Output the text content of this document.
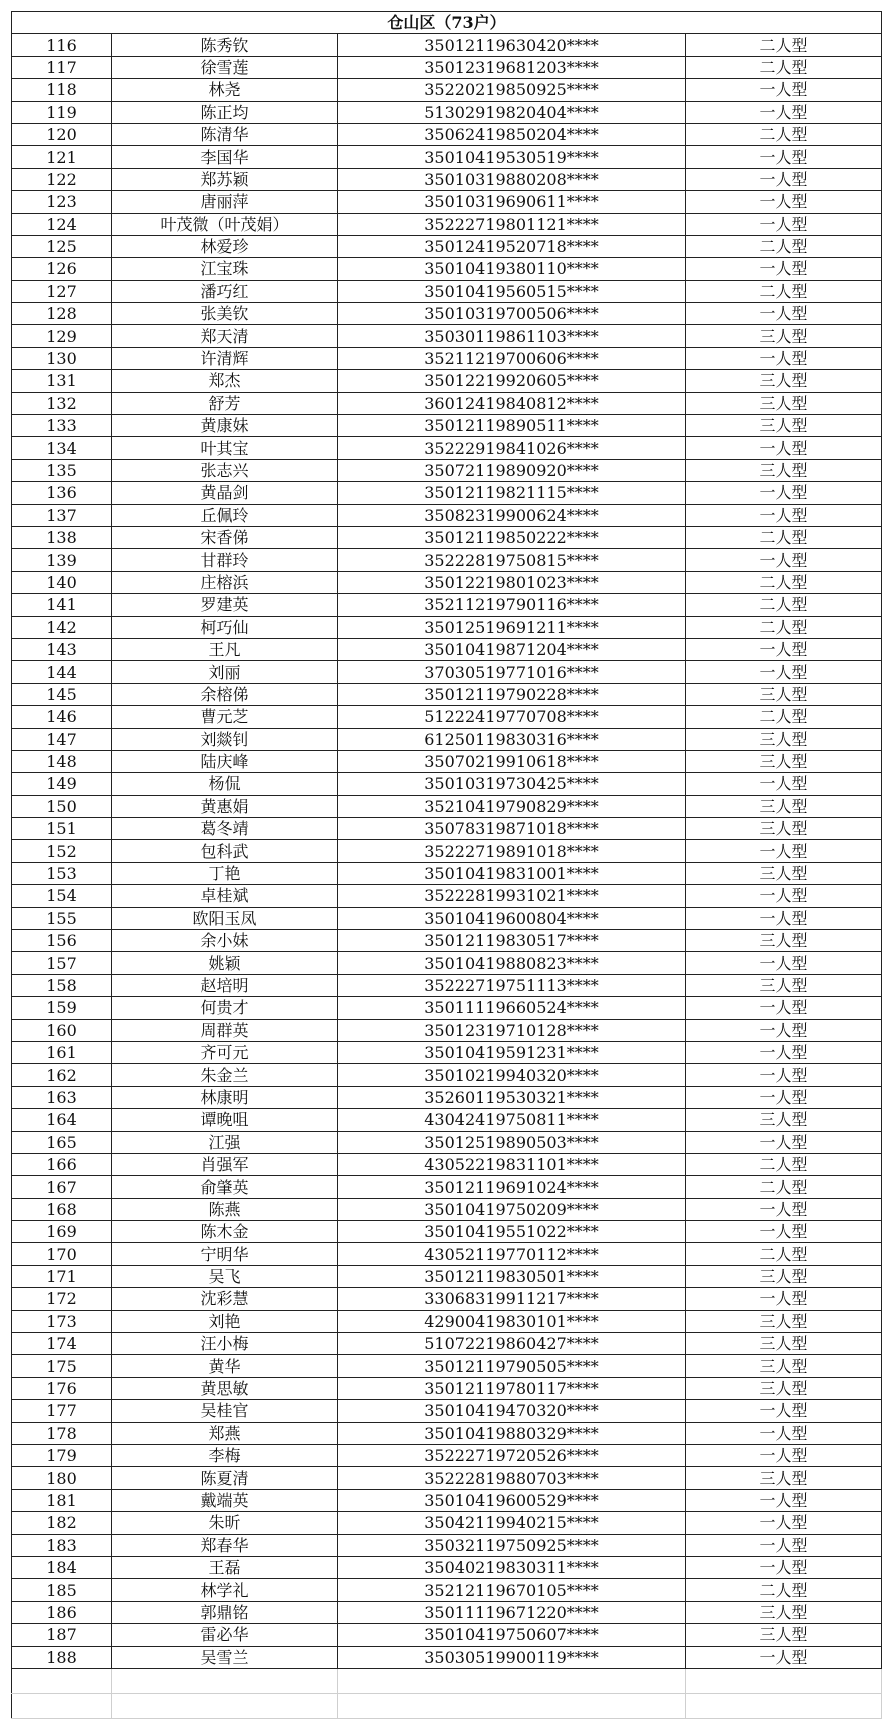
仓山区（73户）			
116	陈秀钦	35012119630420****	二人型
117	徐雪莲	35012319681203****	二人型
118	林尧	35220219850925****	一人型
119	陈正均	51302919820404****	一人型
120	陈清华	35062419850204****	二人型
121	李国华	35010419530519****	一人型
122	郑苏颖	35010319880208****	一人型
123	唐丽萍	35010319690611****	一人型
124	叶茂微（叶茂娟）	35222719801121****	一人型
125	林爱珍	35012419520718****	二人型
126	江宝珠	35010419380110****	一人型
127	潘巧红	35010419560515****	二人型
128	张美钦	35010319700506****	一人型
129	郑天清	35030119861103****	三人型
130	许清辉	35211219700606****	一人型
131	郑杰	35012219920605****	三人型
132	舒芳	36012419840812****	三人型
133	黄康妹	35012119890511****	三人型
134	叶其宝	35222919841026****	一人型
135	张志兴	35072119890920****	三人型
136	黄晶剑	35012119821115****	一人型
137	丘佩玲	35082319900624****	一人型
138	宋香俤	35012119850222****	二人型
139	甘群玲	35222819750815****	一人型
140	庄榕浜	35012219801023****	二人型
141	罗建英	35211219790116****	二人型
142	柯巧仙	35012519691211****	二人型
143	王凡	35010419871204****	一人型
144	刘丽	37030519771016****	一人型
145	余榕俤	35012119790228****	三人型
146	曹元芝	51222419770708****	二人型
147	刘燚钊	61250119830316****	三人型
148	陆庆峰	35070219910618****	三人型
149	杨侃	35010319730425****	一人型
150	黄惠娟	35210419790829****	三人型
151	葛冬靖	35078319871018****	三人型
152	包科武	35222719891018****	一人型
153	丁艳	35010419831001****	三人型
154	卓桂斌	35222819931021****	一人型
155	欧阳玉凤	35010419600804****	一人型
156	余小妹	35012119830517****	三人型
157	姚颖	35010419880823****	一人型
158	赵培明	35222719751113****	三人型
159	何贵才	35011119660524****	一人型
160	周群英	35012319710128****	一人型
161	齐可元	35010419591231****	一人型
162	朱金兰	35010219940320****	一人型
163	林康明	35260119530321****	一人型
164	谭晚咀	43042419750811****	三人型
165	江强	35012519890503****	一人型
166	肖强军	43052219831101****	二人型
167	俞肇英	35012119691024****	二人型
168	陈燕	35010419750209****	一人型
169	陈木金	35010419551022****	一人型
170	宁明华	43052119770112****	二人型
171	吴飞	35012119830501****	三人型
172	沈彩慧	33068319911217****	一人型
173	刘艳	42900419830101****	三人型
174	汪小梅	51072219860427****	三人型
175	黄华	35012119790505****	三人型
176	黄思敏	35012119780117****	三人型
177	吴桂官	35010419470320****	一人型
178	郑燕	35010419880329****	一人型
179	李梅	35222719720526****	一人型
180	陈夏清	35222819880703****	三人型
181	戴端英	35010419600529****	一人型
182	朱昕	35042119940215****	一人型
183	郑春华	35032119750925****	一人型
184	王磊	35040219830311****	一人型
185	林学礼	35212119670105****	二人型
186	郭鼎铭	35011119671220****	三人型
187	雷必华	35010419750607****	三人型
188	吴雪兰	35030519900119****	一人型
